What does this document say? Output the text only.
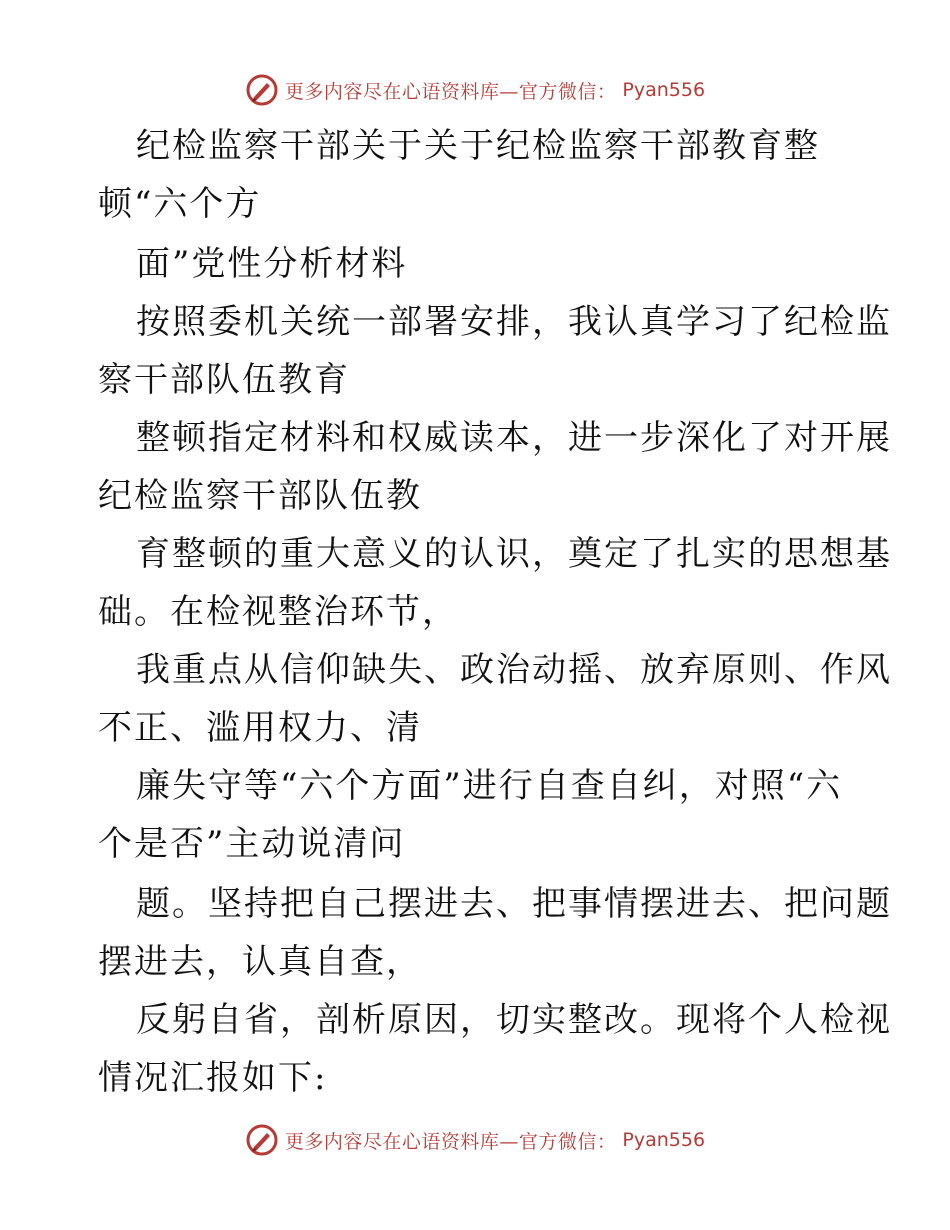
更多内容尽在心语资料库—官方微信： Pyan556
纪检监察干部关于关于纪检监察干部教育整
顿“六个方
面”党性分析材料
按照委机关统一部署安排，我认真学习了纪检监
察干部队伍教育
整顿指定材料和权威读本，进一步深化了对开展
纪检监察干部队伍教
育整顿的重大意义的认识，奠定了扎实的思想基
础。在检视整治环节，
我重点从信仰缺失、政治动摇、放弃原则、作风
不正、滥用权力、清
廉失守等“六个方面”进行自查自纠，对照“六
个是否”主动说清问
题。坚持把自己摆进去、把事情摆进去、把问题
摆进去，认真自查，
反躬自省，剖析原因，切实整改。现将个人检视
情况汇报如下:
更多内容尽在心语资料库—官方微信： Pyan556
